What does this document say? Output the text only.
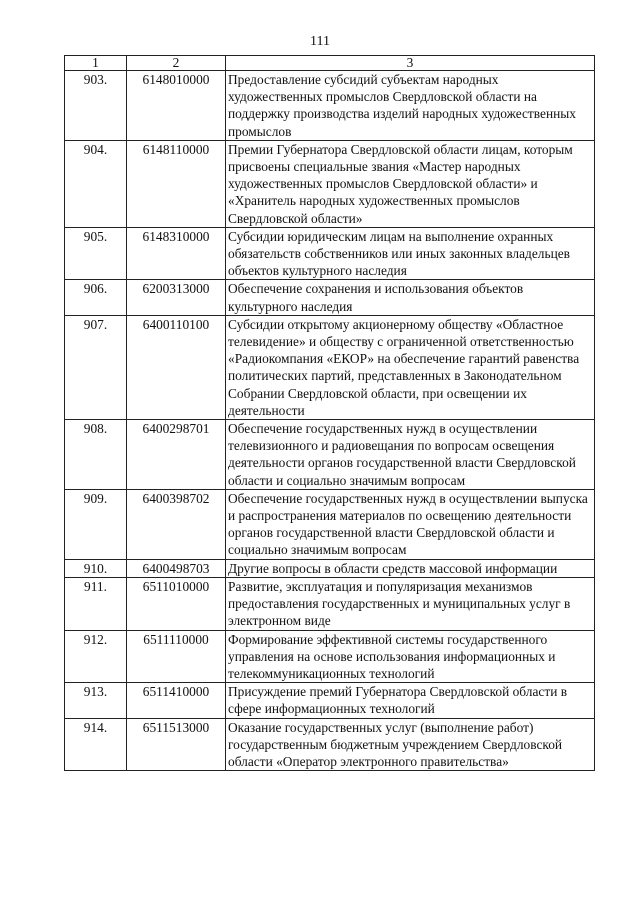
111
1	2	3
903.	6148010000	Предоставление субсидий субъектам народных художественных промыслов Свердловской области на поддержку производства изделий народных художественных промыслов
904.	6148110000	Премии Губернатора Свердловской области лицам, которым присвоены специальные звания «Мастер народных художественных промыслов Свердловской области» и «Хранитель народных художественных промыслов Свердловской области»
905.	6148310000	Субсидии юридическим лицам на выполнение охранных обязательств собственников или иных законных владельцев объектов культурного наследия
906.	6200313000	Обеспечение сохранения и использования объектов культурного наследия
907.	6400110100	Субсидии открытому акционерному обществу «Областное телевидение» и обществу с ограниченной ответственностью «Радиокомпания «ЕКОР» на обеспечение гарантий равенства политических партий, представленных в Законодательном Собрании Свердловской области, при освещении их деятельности
908.	6400298701	Обеспечение государственных нужд в осуществлении телевизионного и радиовещания по вопросам освещения деятельности органов государственной власти Свердловской области и социально значимым вопросам
909.	6400398702	Обеспечение государственных нужд в осуществлении выпуска и распространения материалов по освещению деятельности органов государственной власти Свердловской области и социально значимым вопросам
910.	6400498703	Другие вопросы в области средств массовой информации
911.	6511010000	Развитие, эксплуатация и популяризация механизмов предоставления государственных и муниципальных услуг в электронном виде
912.	6511110000	Формирование эффективной системы государственного управления на основе использования информационных и телекоммуникационных технологий
913.	6511410000	Присуждение премий Губернатора Свердловской области в сфере информационных технологий
914.	6511513000	Оказание государственных услуг (выполнение работ) государственным бюджетным учреждением Свердловской области «Оператор электронного правительства»
